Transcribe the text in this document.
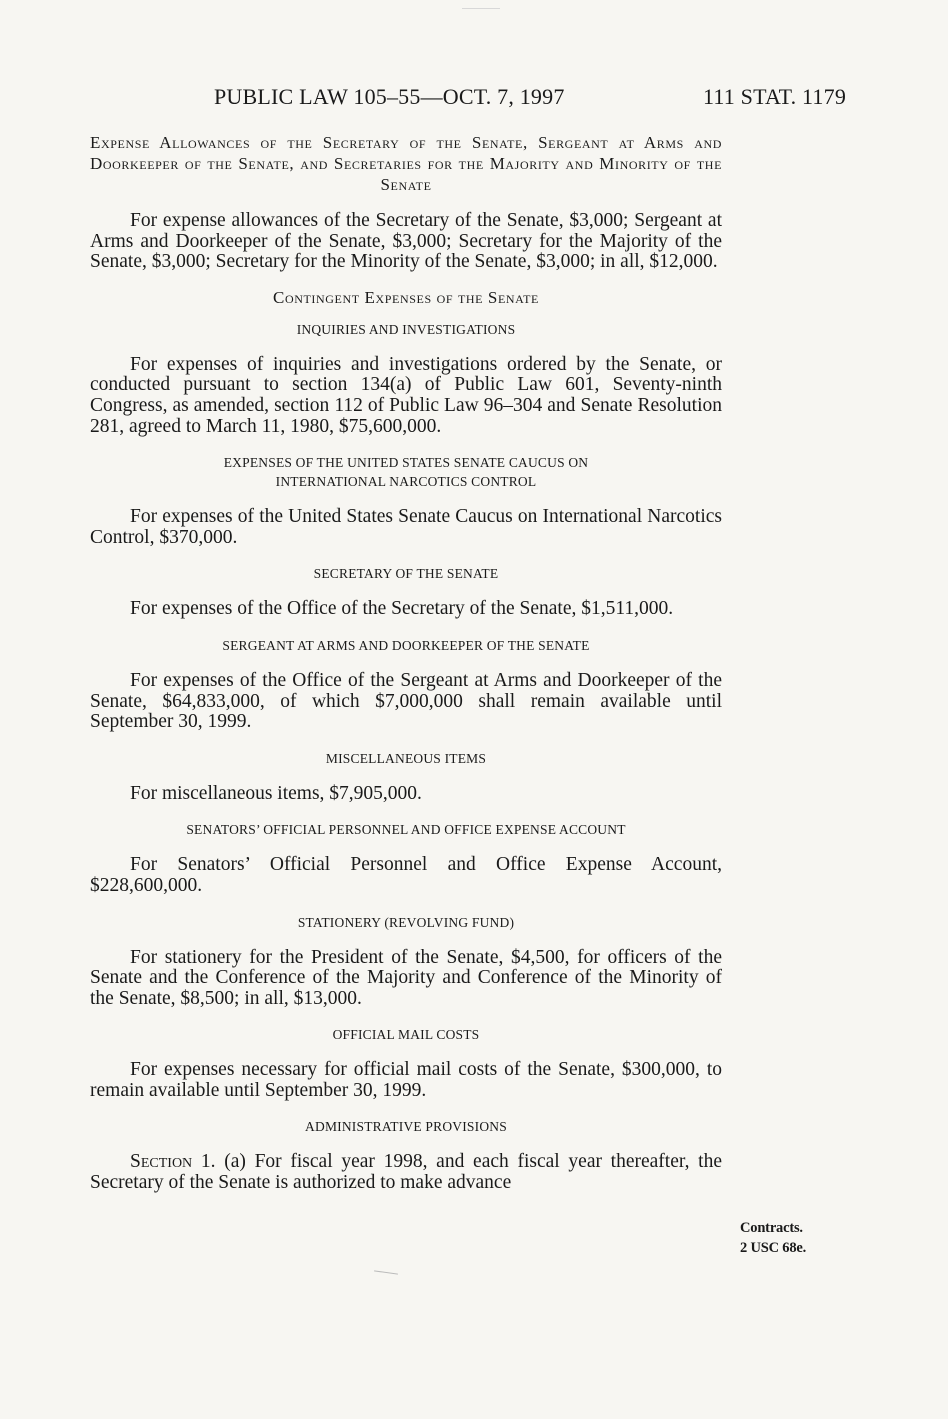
PUBLIC LAW 105–55—OCT. 7, 1997	111 STAT. 1179

Expense Allowances of the Secretary of the Senate, Sergeant at Arms and Doorkeeper of the Senate, and Secretaries for the Majority and Minority of the Senate

For expense allowances of the Secretary of the Senate, $3,000; Sergeant at Arms and Doorkeeper of the Senate, $3,000; Secretary for the Majority of the Senate, $3,000; Secretary for the Minority of the Senate, $3,000; in all, $12,000.

Contingent Expenses of the Senate

INQUIRIES AND INVESTIGATIONS

For expenses of inquiries and investigations ordered by the Senate, or conducted pursuant to section 134(a) of Public Law 601, Seventy-ninth Congress, as amended, section 112 of Public Law 96–304 and Senate Resolution 281, agreed to March 11, 1980, $75,600,000.

EXPENSES OF THE UNITED STATES SENATE CAUCUS ON

INTERNATIONAL NARCOTICS CONTROL

For expenses of the United States Senate Caucus on International Narcotics Control, $370,000.

SECRETARY OF THE SENATE

For expenses of the Office of the Secretary of the Senate, $1,511,000.

SERGEANT AT ARMS AND DOORKEEPER OF THE SENATE

For expenses of the Office of the Sergeant at Arms and Doorkeeper of the Senate, $64,833,000, of which $7,000,000 shall remain available until September 30, 1999.

MISCELLANEOUS ITEMS

For miscellaneous items, $7,905,000.

SENATORS’ OFFICIAL PERSONNEL AND OFFICE EXPENSE ACCOUNT

For Senators’ Official Personnel and Office Expense Account, $228,600,000.

STATIONERY (REVOLVING FUND)

For stationery for the President of the Senate, $4,500, for officers of the Senate and the Conference of the Majority and Conference of the Minority of the Senate, $8,500; in all, $13,000.

OFFICIAL MAIL COSTS

For expenses necessary for official mail costs of the Senate, $300,000, to remain available until September 30, 1999.

ADMINISTRATIVE PROVISIONS

Section 1. (a) For fiscal year 1998, and each fiscal year thereafter, the Secretary of the Senate is authorized to make advance

Contracts.
2 USC 68e.
